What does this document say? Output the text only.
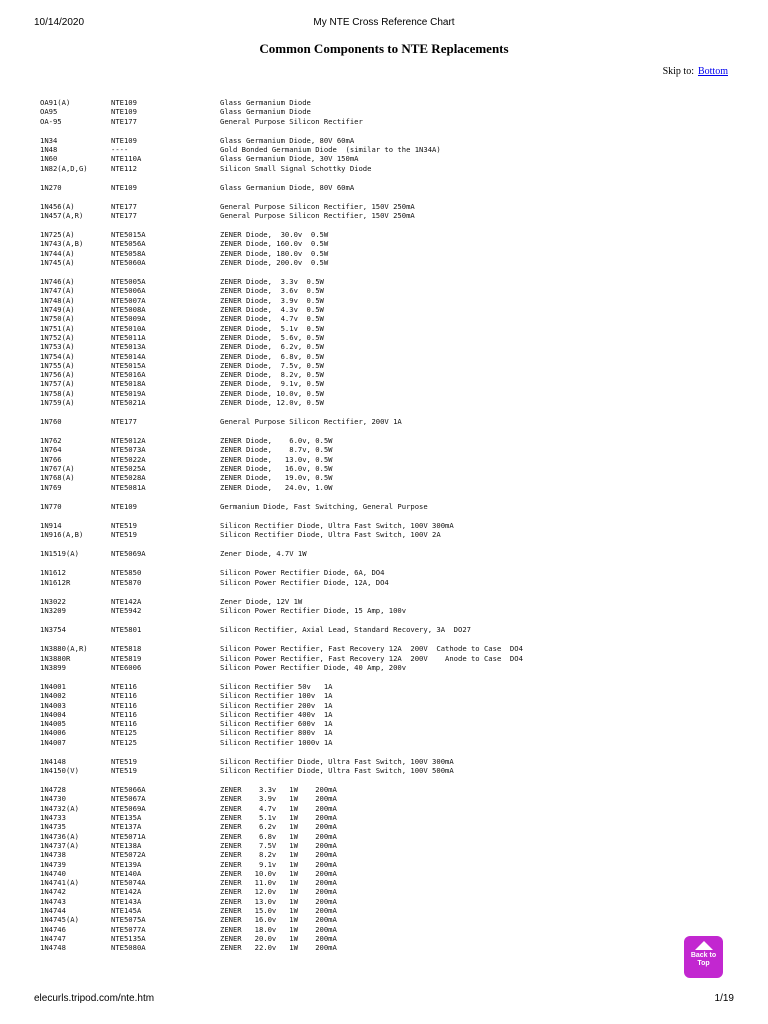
10/14/2020	My NTE Cross Reference Chart
Common Components to NTE Replacements
Skip to: Bottom
OA91(A)	NTE109	Glass Germanium Diode
OA95	NTE109	Glass Germanium Diode
OA-95	NTE177	General Purpose Silicon Rectifier
1N34	NTE109	Glass Germanium Diode, 80V 60mA
1N48	----	Gold Bonded Germanium Diode  (similar to the 1N34A)
1N60	NTE110A	Glass Germanium Diode, 30V 150mA
1N82(A,D,G)	NTE112	Silicon Small Signal Schottky Diode
1N270	NTE109	Glass Germanium Diode, 80V 60mA
1N456(A)	NTE177	General Purpose Silicon Rectifier, 150V 250mA
1N457(A,R)	NTE177	General Purpose Silicon Rectifier, 150V 250mA
1N725(A)	NTE5015A	ZENER Diode,  30.0v  0.5W
1N743(A,B)	NTE5056A	ZENER Diode, 160.0v  0.5W
1N744(A)	NTE5058A	ZENER Diode, 180.0v  0.5W
1N745(A)	NTE5060A	ZENER Diode, 200.0v  0.5W
1N746(A)	NTE5005A	ZENER Diode,  3.3v  0.5W
1N747(A)	NTE5006A	ZENER Diode,  3.6v  0.5W
1N748(A)	NTE5007A	ZENER Diode,  3.9v  0.5W
1N749(A)	NTE5008A	ZENER Diode,  4.3v  0.5W
1N750(A)	NTE5009A	ZENER Diode,  4.7v  0.5W
1N751(A)	NTE5010A	ZENER Diode,  5.1v  0.5W
1N752(A)	NTE5011A	ZENER Diode,  5.6v, 0.5W
1N753(A)	NTE5013A	ZENER Diode,  6.2v, 0.5W
1N754(A)	NTE5014A	ZENER Diode,  6.8v, 0.5W
1N755(A)	NTE5015A	ZENER Diode,  7.5v, 0.5W
1N756(A)	NTE5016A	ZENER Diode,  8.2v, 0.5W
1N757(A)	NTE5018A	ZENER Diode,  9.1v, 0.5W
1N758(A)	NTE5019A	ZENER Diode, 10.0v, 0.5W
1N759(A)	NTE5021A	ZENER Diode, 12.0v, 0.5W
1N760	NTE177	General Purpose Silicon Rectifier, 200V 1A
1N762	NTE5012A	ZENER Diode,    6.0v, 0.5W
1N764	NTE5073A	ZENER Diode,    8.7v, 0.5W
1N766	NTE5022A	ZENER Diode,   13.0v, 0.5W
1N767(A)	NTE5025A	ZENER Diode,   16.0v, 0.5W
1N768(A)	NTE5028A	ZENER Diode,   19.0v, 0.5W
1N769	NTE5081A	ZENER Diode,   24.0v, 1.0W
1N770	NTE109	Germanium Diode, Fast Switching, General Purpose
1N914	NTE519	Silicon Rectifier Diode, Ultra Fast Switch, 100V 300mA
1N916(A,B)	NTE519	Silicon Rectifier Diode, Ultra Fast Switch, 100V 2A
1N1519(A)	NTE5069A	Zener Diode, 4.7V 1W
1N1612	NTE5850	Silicon Power Rectifier Diode, 6A, DO4
1N1612R	NTE5870	Silicon Power Rectifier Diode, 12A, DO4
1N3022	NTE142A	Zener Diode, 12V 1W
1N3209	NTE5942	Silicon Power Rectifier Diode, 15 Amp, 100v
1N3754	NTE5801	Silicon Rectifier, Axial Lead, Standard Recovery, 3A  DO27
1N3880(A,R)	NTE5818	Silicon Power Rectifier, Fast Recovery 12A  200V  Cathode to Case  DO4
1N3880R	NTE5819	Silicon Power Rectifier, Fast Recovery 12A  200V    Anode to Case  DO4
1N3899	NTE6006	Silicon Power Rectifier Diode, 40 Amp, 200v
1N4001	NTE116	Silicon Rectifier 50v   1A
1N4002	NTE116	Silicon Rectifier 100v  1A
1N4003	NTE116	Silicon Rectifier 200v  1A
1N4004	NTE116	Silicon Rectifier 400v  1A
1N4005	NTE116	Silicon Rectifier 600v  1A
1N4006	NTE125	Silicon Rectifier 800v  1A
1N4007	NTE125	Silicon Rectifier 1000v 1A
1N4148	NTE519	Silicon Rectifier Diode, Ultra Fast Switch, 100V 300mA
1N4150(V)	NTE519	Silicon Rectifier Diode, Ultra Fast Switch, 100V 500mA
1N4728	NTE5066A	ZENER    3.3v   1W    200mA
1N4730	NTE5067A	ZENER    3.9v   1W    200mA
1N4732(A)	NTE5069A	ZENER    4.7v   1W    200mA
1N4733	NTE135A	ZENER    5.1v   1W    200mA
1N4735	NTE137A	ZENER    6.2v   1W    200mA
1N4736(A)	NTE5071A	ZENER    6.8v   1W    200mA
1N4737(A)	NTE138A	ZENER    7.5V   1W    200mA
1N4738	NTE5072A	ZENER    8.2v   1W    200mA
1N4739	NTE139A	ZENER    9.1v   1W    200mA
1N4740	NTE140A	ZENER   10.0v   1W    200mA
1N4741(A)	NTE5074A	ZENER   11.0v   1W    200mA
1N4742	NTE142A	ZENER   12.0v   1W    200mA
1N4743	NTE143A	ZENER   13.0v   1W    200mA
1N4744	NTE145A	ZENER   15.0v   1W    200mA
1N4745(A)	NTE5075A	ZENER   16.0v   1W    200mA
1N4746	NTE5077A	ZENER   18.0v   1W    200mA
1N4747	NTE5135A	ZENER   20.0v   1W    200mA
1N4748	NTE5080A	ZENER   22.0v   1W    200mA
Back to
Top
elecurls.tripod.com/nte.htm	1/19
